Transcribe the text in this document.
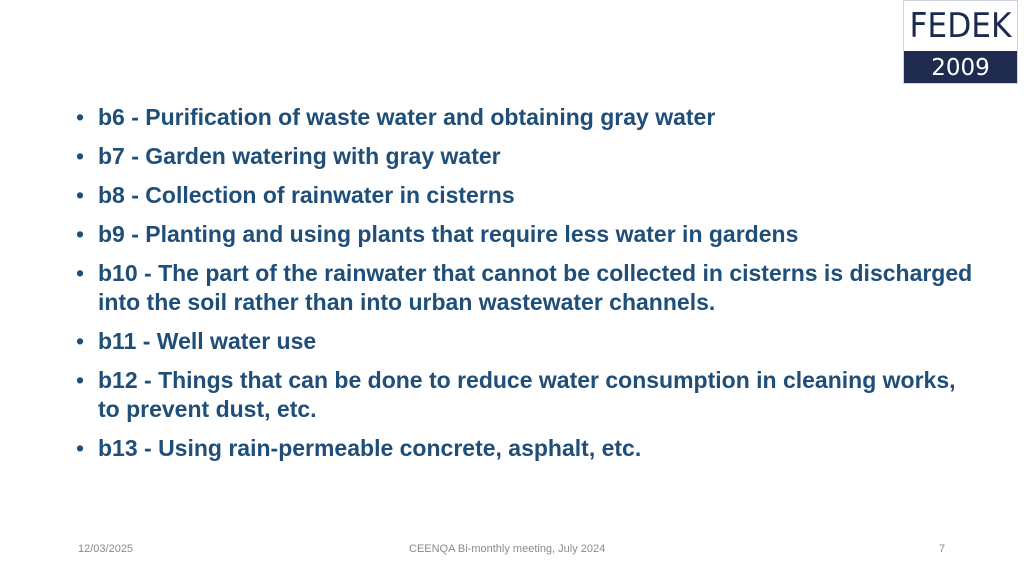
FEDEK
2009
• b6 - Purification of waste water and obtaining gray water
• b7 - Garden watering with gray water
• b8 - Collection of rainwater in cisterns
• b9 - Planting and using plants that require less water in gardens
• b10 - The part of the rainwater that cannot be collected in cisterns is discharged into the soil rather than into urban wastewater channels.
• b11 - Well water use
• b12 - Things that can be done to reduce water consumption in cleaning works, to prevent dust, etc.
• b13 - Using rain-permeable concrete, asphalt, etc.
12/03/2025	CEENQA Bi-monthly meeting, July 2024	7
